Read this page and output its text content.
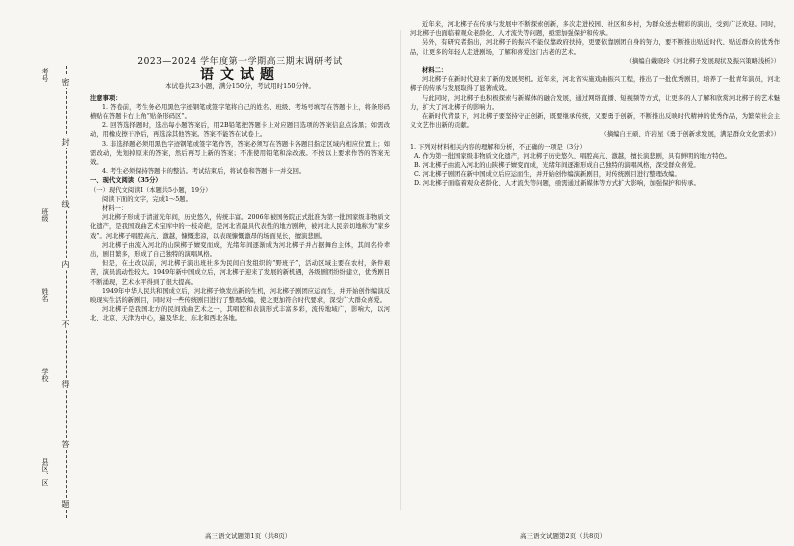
密
封
线
内
不
得
答
题
考号
班级
姓名
学校
县区、区
2023—2024 学年度第一学期高三期末调研考试
语文试题
本试卷共23小题，满分150分，考试用时150分钟。
注意事项：

1. 答卷前，考生务必用黑色字迹钢笔或签字笔将自己的姓名、班级、考场号填写在答题卡上，将条形码横贴在答题卡右上角“贴条形码区”。

2. 回答选择题时，选出每小题答案后，用2B铅笔把答题卡上对应题目选项的答案信息点涂黑；如需改动，用橡皮擦干净后，再选涂其他答案。答案不能答在试卷上。

3. 非选择题必须用黑色字迹钢笔或签字笔作答，答案必须写在答题卡各题目指定区域内相应位置上；如需改动，先划掉原来的答案，然后再写上新的答案；不准使用铅笔和涂改液。不按以上要求作答的答案无效。

4. 考生必须保持答题卡的整洁。考试结束后，将试卷和答题卡一并交回。

一、现代文阅读（35分）
（一）现代文阅读Ⅰ（本题共5小题，19分）
阅读下面的文字，完成1～5题。
材料一：

河北梆子形成于清道光年间，历史悠久，传统丰富。2006年被国务院正式批准为第一批国家级非物质文化遗产，是我国戏曲艺术宝库中的一枝奇葩，是河北省最具代表性的地方剧种，被河北人民亲切地称为“家乡戏”。河北梆子唱腔高亢、激越，慷慨悲凉，以表现慷慨激昂的场面见长，擅演悲剧。

河北梆子由流入河北的山陕梆子嬗变而成，光绪年间逐渐成为河北梆子并占据舞台主体，其间名伶辈出，剧目繁多，形成了自己独特的演唱风格。

但是，在土改以前，河北梆子演出班社多为民间自发组织的“野班子”，活动区域主要在农村，条件艰苦，演员流动性较大。1949年新中国成立后，河北梆子迎来了发展的新机遇，各级剧团纷纷建立，优秀剧目不断涌现，艺术水平得到了很大提高。

1949年中华人民共和国成立后，河北梆子焕发出新的生机，河北梆子剧团应运而生，并开始创作编演反映现实生活的新剧目，同时对一些传统剧目进行了整理改编，使之更加符合时代要求，深受广大群众喜爱。

河北梆子是我国北方的民间戏曲艺术之一，其唱腔和表演形式丰富多彩，流传地域广，影响大，以河北、北京、天津为中心，遍及华北、东北和西北各地。

近年来，河北梆子在传承与发展中不断探索创新，多次走进校园、社区和乡村，为群众送去精彩的演出，受到广泛欢迎。同时，河北梆子也面临着观众老龄化、人才流失等问题，亟需加强保护和传承。

另外，有研究者指出，河北梆子的振兴不能仅靠政府扶持，更要依靠剧团自身的努力，要不断推出贴近时代、贴近群众的优秀作品，让更多的年轻人走进剧场，了解和喜爱这门古老的艺术。

（摘编自戴晓玲《河北梆子发展现状及振兴策略浅析》）
材料二：

河北梆子在新时代迎来了新的发展契机。近年来，河北省实施戏曲振兴工程，推出了一批优秀剧目，培养了一批青年演员，河北梆子的传承与发展取得了显著成效。

与此同时，河北梆子也积极探索与新媒体的融合发展，通过网络直播、短视频等方式，让更多的人了解和欣赏河北梆子的艺术魅力，扩大了河北梆子的影响力。

在新时代背景下，河北梆子要坚持守正创新，既要继承传统，又要勇于创新，不断推出反映时代精神的优秀作品，为繁荣社会主义文艺作出新的贡献。

（摘编自王硕、许岩星《勇于创新求发展，满足群众文化需求》）
1. 下列对材料相关内容的理解和分析，不正确的一项是（3分）

A. 作为第一批国家级非物质文化遗产，河北梆子历史悠久、唱腔高亢、激越，擅长演悲剧，具有鲜明的地方特色。

B. 河北梆子由流入河北的山陕梆子嬗变而成，光绪年间逐渐形成自己独特的演唱风格，深受群众喜爱。

C. 河北梆子剧团在新中国成立后应运而生，并开始创作编演新剧目，对传统剧目进行整理改编。

D. 河北梆子面临着观众老龄化、人才流失等问题，亟需通过新媒体等方式扩大影响，加强保护和传承。

高三语文试题第1页（共8页）	高三语文试题第2页（共8页）
